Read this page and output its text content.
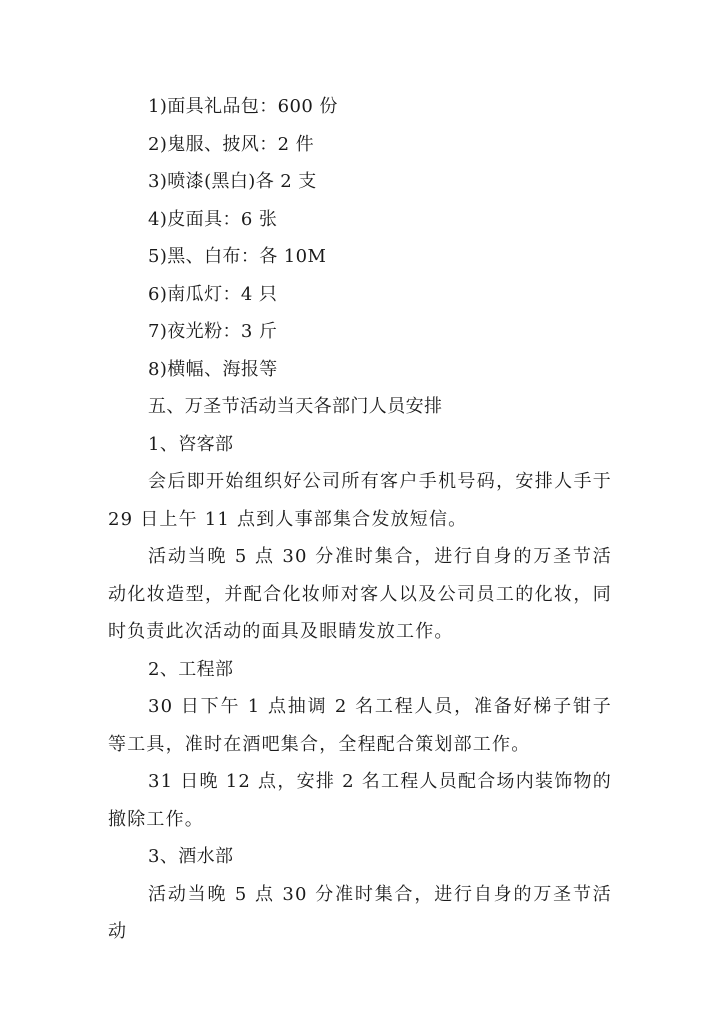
1)面具礼品包：600 份
2)鬼服、披风：2 件
3)喷漆(黑白)各 2 支
4)皮面具：6 张
5)黑、白布：各 10M
6)南瓜灯：4 只
7)夜光粉：3 斤
8)横幅、海报等
五、万圣节活动当天各部门人员安排
1、咨客部

会后即开始组织好公司所有客户手机号码，安排人手于29 日上午 11 点到人事部集合发放短信。

活动当晚 5 点 30 分准时集合，进行自身的万圣节活动化妆造型，并配合化妆师对客人以及公司员工的化妆，同时负责此次活动的面具及眼睛发放工作。

2、工程部

30 日下午 1 点抽调 2 名工程人员，准备好梯子钳子等工具，准时在酒吧集合，全程配合策划部工作。

31 日晚 12 点，安排 2 名工程人员配合场内装饰物的撤除工作。

3、酒水部

活动当晚 5 点 30 分准时集合，进行自身的万圣节活动
